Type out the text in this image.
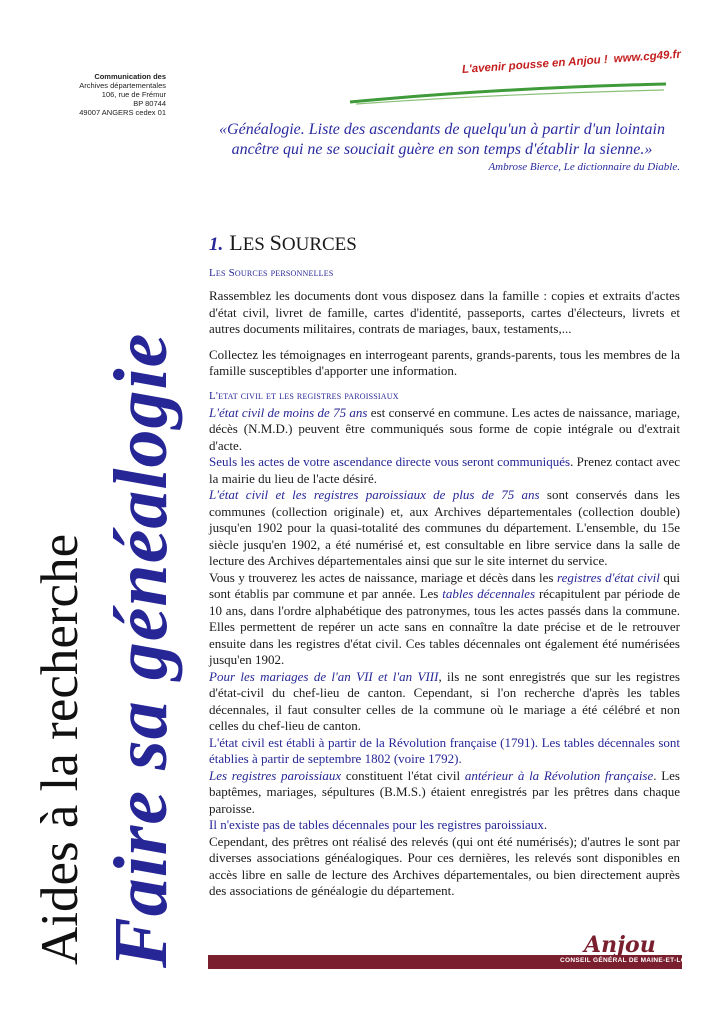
Communication des
Archives départementales
106, rue de Frémur
BP 80744
49007 ANGERS cedex 01
L'avenir pousse en Anjou ! www.cg49.fr
«Généalogie. Liste des ascendants de quelqu'un à partir d'un lointain ancêtre qui ne se souciait guère en son temps d'établir la sienne.»
Ambrose Bierce, Le dictionnaire du Diable.
Aides à la recherche Faire sa généalogie
1. LES SOURCES
Les Sources personnelles

Rassemblez les documents dont vous disposez dans la famille : copies et extraits d'actes d'état civil, livret de famille, cartes d'identité, passeports, cartes d'électeurs, livrets et autres documents militaires, contrats de mariages, baux, testaments,...

Collectez les témoignages en interrogeant parents, grands-parents, tous les membres de la famille susceptibles d'apporter une information.

L'etat civil et les registres paroissiaux

L'état civil de moins de 75 ans est conservé en commune. Les actes de naissance, mariage, décès (N.M.D.) peuvent être communiqués sous forme de copie intégrale ou d'extrait d'acte.

Seuls les actes de votre ascendance directe vous seront communiqués. Prenez contact avec la mairie du lieu de l'acte désiré.

L'état civil et les registres paroissiaux de plus de 75 ans sont conservés dans les communes (collection originale) et, aux Archives départementales (collection double) jusqu'en 1902 pour la quasi-totalité des communes du département. L'ensemble, du 15e siècle jusqu'en 1902, a été numérisé et, est consultable en libre service dans la salle de lecture des Archives départementales ainsi que sur le site internet du service.

Vous y trouverez les actes de naissance, mariage et décès dans les registres d'état civil qui sont établis par commune et par année. Les tables décennales récapitulent par période de 10 ans, dans l'ordre alphabétique des patronymes, tous les actes passés dans la commune. Elles permettent de repérer un acte sans en connaître la date précise et de le retrouver ensuite dans les registres d'état civil. Ces tables décennales ont également été numérisées jusqu'en 1902.

Pour les mariages de l'an VII et l'an VIII, ils ne sont enregistrés que sur les registres d'état-civil du chef-lieu de canton. Cependant, si l'on recherche d'après les tables décennales, il faut consulter celles de la commune où le mariage a été célébré et non celles du chef-lieu de canton.

L'état civil est établi à partir de la Révolution française (1791). Les tables décennales sont établies à partir de septembre 1802 (voire 1792).

Les registres paroissiaux constituent l'état civil antérieur à la Révolution française. Les baptêmes, mariages, sépultures (B.M.S.) étaient enregistrés par les prêtres dans chaque paroisse.

Il n'existe pas de tables décennales pour les registres paroissiaux.

Cependant, des prêtres ont réalisé des relevés (qui ont été numérisés); d'autres le sont par diverses associations généalogiques. Pour ces dernières, les relevés sont disponibles en accès libre en salle de lecture des Archives départementales, ou bien directement auprès des associations de généalogie du département.

Anjou
CONSEIL GÉNÉRAL DE MAINE-ET-LOIRE
